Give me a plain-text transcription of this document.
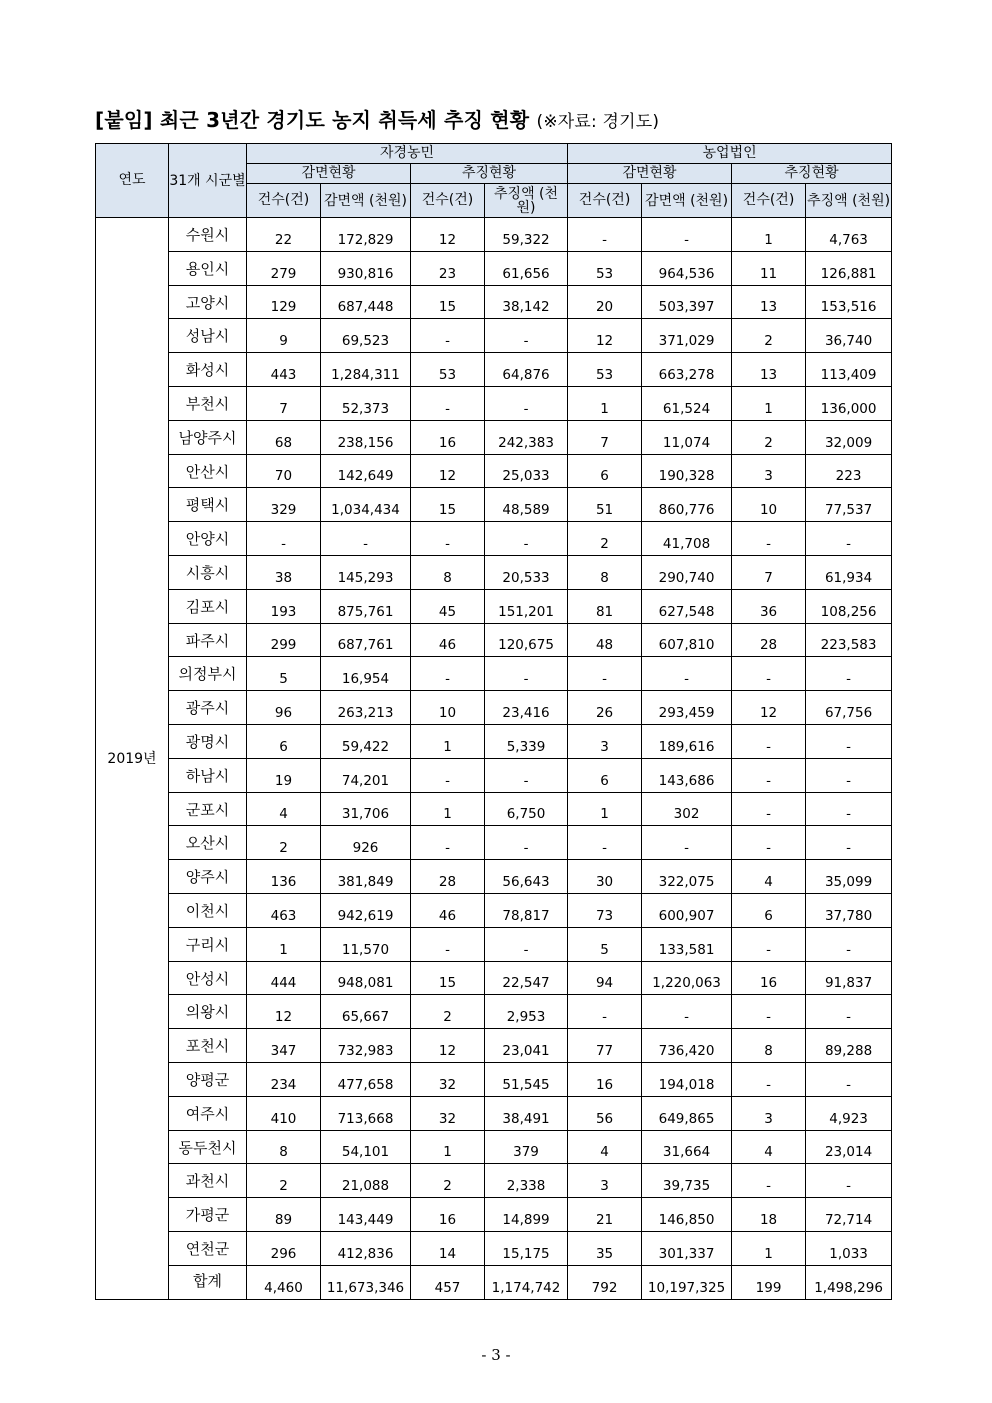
[붙임] 최근 3년간 경기도 농지 취득세 추징 현황 (※자료: 경기도)
연도	31개 시군별	자경농민				농업법인			
		감면현황		추징현황		감면현황		추징현황	
		건수(건)	감면액 (천원)	건수(건)	추징액 (천원)	건수(건)	감면액 (천원)	건수(건)	추징액 (천원)
2019년	수원시	22	172,829	12	59,322	-	-	1	4,763
	용인시	279	930,816	23	61,656	53	964,536	11	126,881
	고양시	129	687,448	15	38,142	20	503,397	13	153,516
	성남시	9	69,523	-	-	12	371,029	2	36,740
	화성시	443	1,284,311	53	64,876	53	663,278	13	113,409
	부천시	7	52,373	-	-	1	61,524	1	136,000
	남양주시	68	238,156	16	242,383	7	11,074	2	32,009
	안산시	70	142,649	12	25,033	6	190,328	3	223
	평택시	329	1,034,434	15	48,589	51	860,776	10	77,537
	안양시	-	-	-	-	2	41,708	-	-
	시흥시	38	145,293	8	20,533	8	290,740	7	61,934
	김포시	193	875,761	45	151,201	81	627,548	36	108,256
	파주시	299	687,761	46	120,675	48	607,810	28	223,583
	의정부시	5	16,954	-	-	-	-	-	-
	광주시	96	263,213	10	23,416	26	293,459	12	67,756
	광명시	6	59,422	1	5,339	3	189,616	-	-
	하남시	19	74,201	-	-	6	143,686	-	-
	군포시	4	31,706	1	6,750	1	302	-	-
	오산시	2	926	-	-	-	-	-	-
	양주시	136	381,849	28	56,643	30	322,075	4	35,099
	이천시	463	942,619	46	78,817	73	600,907	6	37,780
	구리시	1	11,570	-	-	5	133,581	-	-
	안성시	444	948,081	15	22,547	94	1,220,063	16	91,837
	의왕시	12	65,667	2	2,953	-	-	-	-
	포천시	347	732,983	12	23,041	77	736,420	8	89,288
	양평군	234	477,658	32	51,545	16	194,018	-	-
	여주시	410	713,668	32	38,491	56	649,865	3	4,923
	동두천시	8	54,101	1	379	4	31,664	4	23,014
	과천시	2	21,088	2	2,338	3	39,735	-	-
	가평군	89	143,449	16	14,899	21	146,850	18	72,714
	연천군	296	412,836	14	15,175	35	301,337	1	1,033
	합계	4,460	11,673,346	457	1,174,742	792	10,197,325	199	1,498,296
- 3 -
